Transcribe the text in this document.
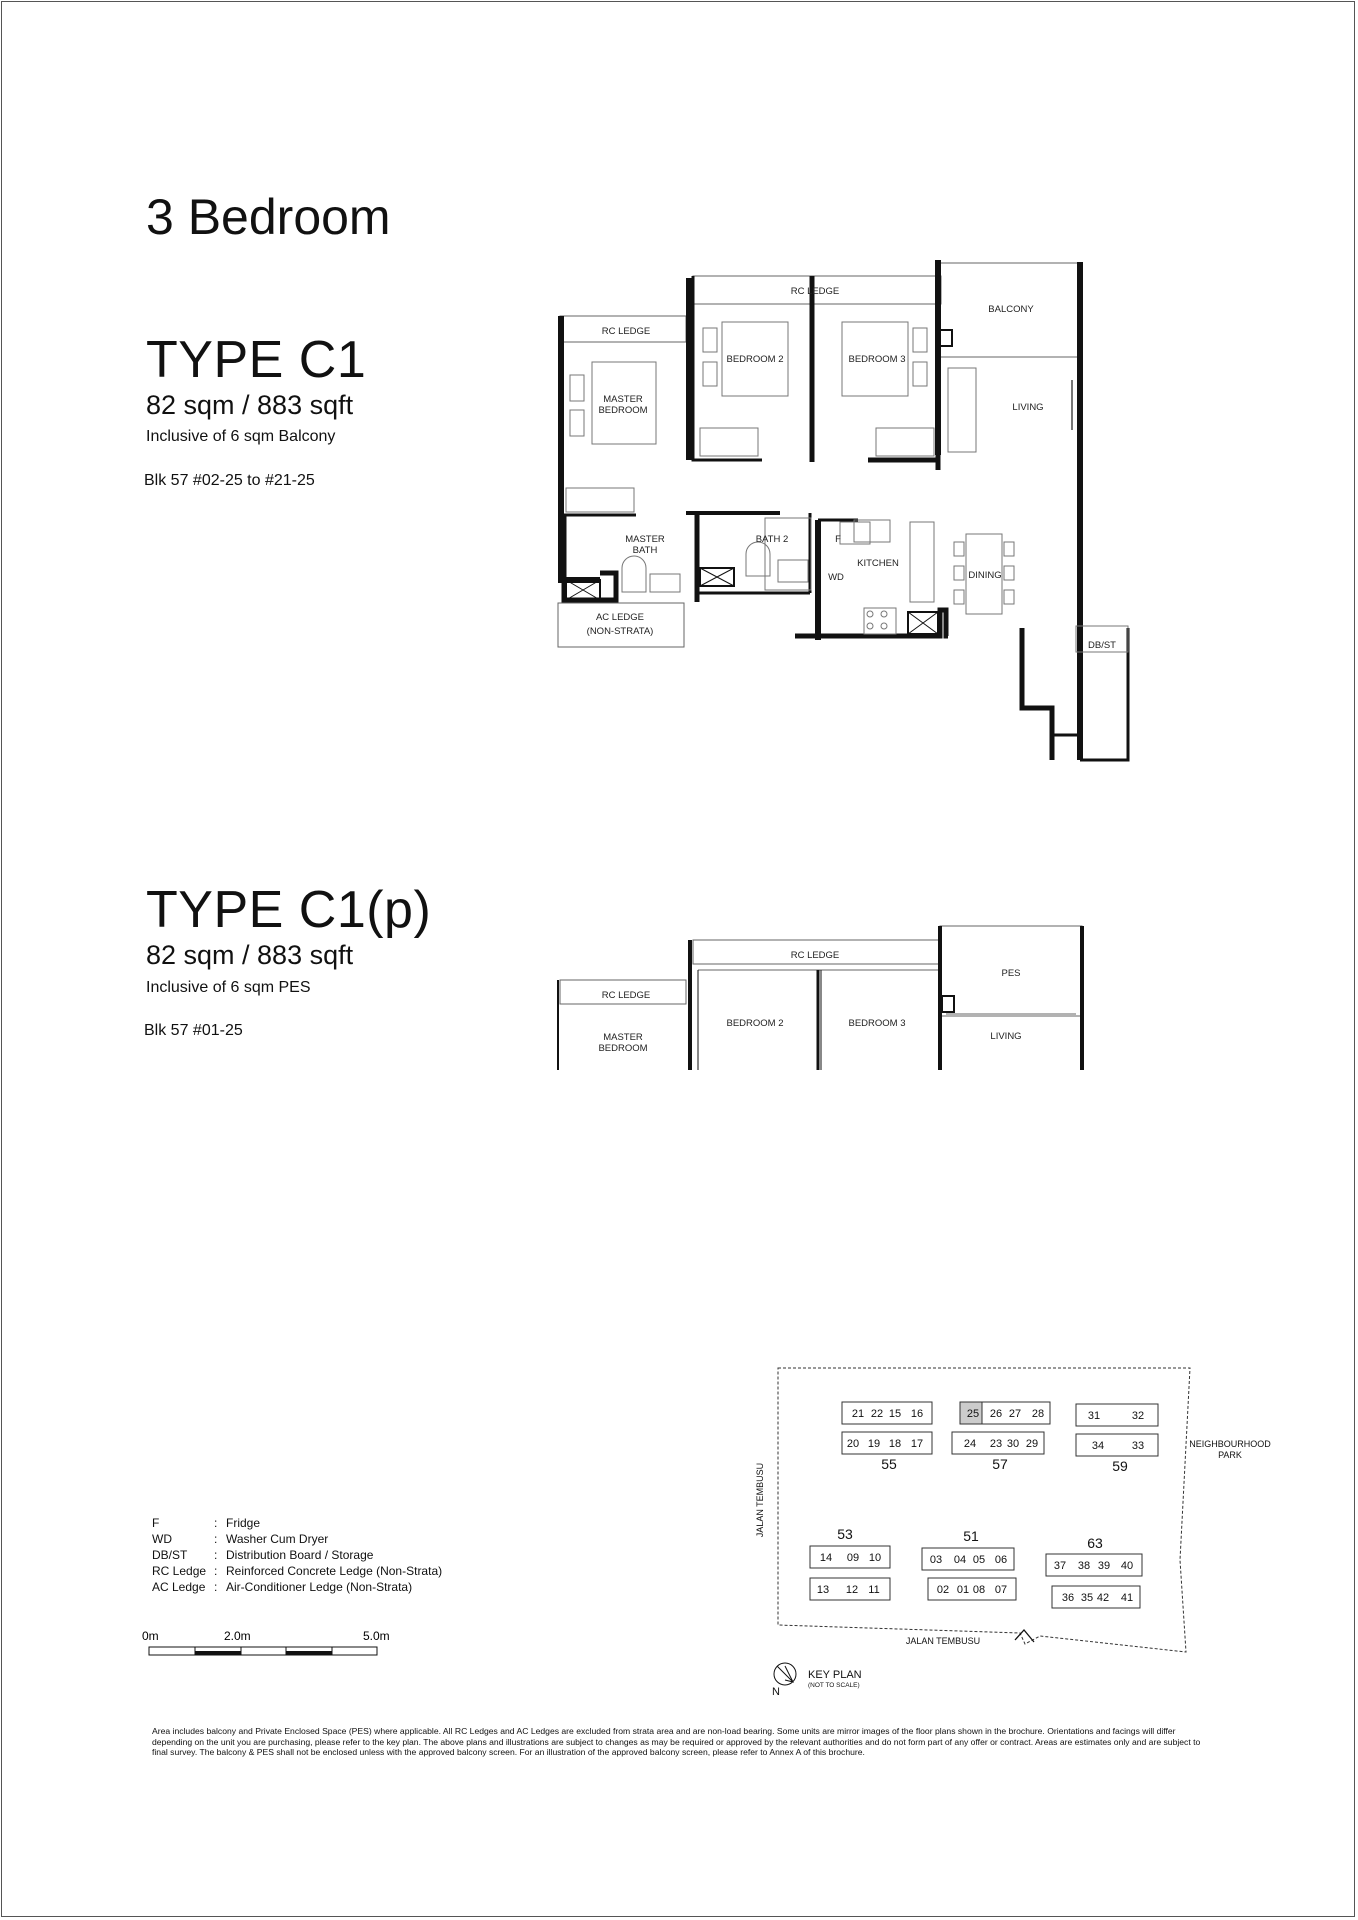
3 Bedroom
TYPE C1
82 sqm / 883 sqft
Inclusive of 6 sqm Balcony
Blk 57 #02-25 to #21-25
TYPE C1(p)
82 sqm / 883 sqft
Inclusive of 6 sqm PES
Blk 57 #01-25
RC LEDGE
RC LEDGE
BALCONY
BEDROOM 2	BEDROOM 3
MASTER
BEDROOM	LIVING
MASTER
BATH
BATH 2	F
WD
KITCHEN
DINING
DB/ST
AC LEDGE
(NON-STRATA)
RC LEDGE
RC LEDGE
PES
BEDROOM 2	BEDROOM 3
MASTER
BEDROOM
LIVING
0m	2.0m	5.0m
JALAN TEMBUSU
JALAN TEMBUSU
NEIGHBOURHOOD
PARK
21 22 15 16
20 19 18 17
55
25 26 27 28
24 23 30 29
57
31	32
34	33
59
53
14 09 10
13 12 11
51
03 04 05 06
02 01 08 07
63
37 38 39 40
36 35 42 41
N
KEY PLAN
(NOT TO SCALE)
F	: Fridge
WD	: Washer Cum Dryer
DB/ST	: Distribution Board / Storage
RC Ledge : Reinforced Concrete Ledge (Non-Strata)
AC Ledge : Air-Conditioner Ledge (Non-Strata)
Area includes balcony and Private Enclosed Space (PES) where applicable. All RC Ledges and AC Ledges are excluded from strata area and are non-load bearing. Some units are mirror images of the floor plans shown in the brochure. Orientations and facings will differ depending on the unit you are purchasing, please refer to the key plan. The above plans and illustrations are subject to changes as may be required or approved by the relevant authorities and do not form part of any offer or contract. Areas are estimates only and are subject to final survey. The balcony & PES shall not be enclosed unless with the approved balcony screen. For an illustration of the approved balcony screen, please refer to Annex A of this brochure.
